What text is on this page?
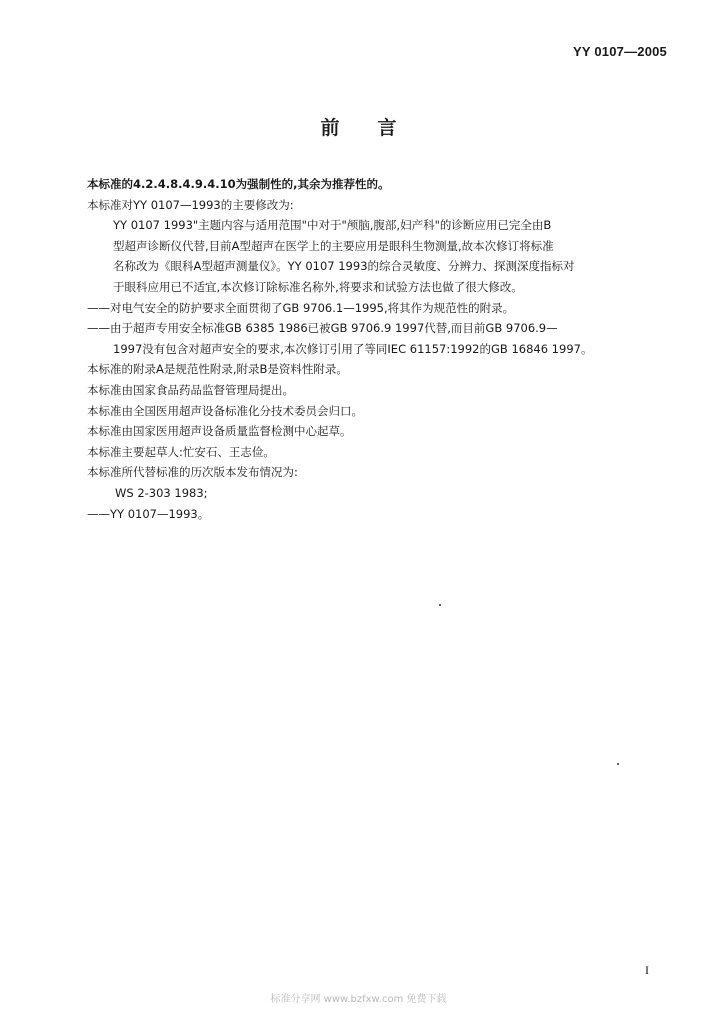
YY 0107—2005
前言
本标准的4.2.4.8.4.9.4.10为强制性的,其余为推荐性的。
本标准对YY 0107—1993的主要修改为:
YY 0107 1993"主题内容与适用范围"中对于"颅脑,腹部,妇产科"的诊断应用已完全由B
型超声诊断仪代替,目前A型超声在医学上的主要应用是眼科生物测量,故本次修订将标准
名称改为《眼科A型超声测量仪》。YY 0107 1993的综合灵敏度、分辨力、探测深度指标对
于眼科应用已不适宜,本次修订除标准名称外,将要求和试验方法也做了很大修改。
——对电气安全的防护要求全面贯彻了GB 9706.1—1995,将其作为规范性的附录。
——由于超声专用安全标准GB 6385 1986已被GB 9706.9 1997代替,而目前GB 9706.9—
1997没有包含对超声安全的要求,本次修订引用了等同IEC 61157:1992的GB 16846 1997。
本标准的附录A是规范性附录,附录B是资料性附录。
本标准由国家食品药品监督管理局提出。
本标准由全国医用超声设备标准化分技术委员会归口。
本标准由国家医用超声设备质量监督检测中心起草。
本标准主要起草人:忙安石、王志俭。
本标准所代替标准的历次版本发布情况为:
WS 2-303 1983;
——YY 0107—1993。
I
标准分享网 www.bzfxw.com 免费下载
